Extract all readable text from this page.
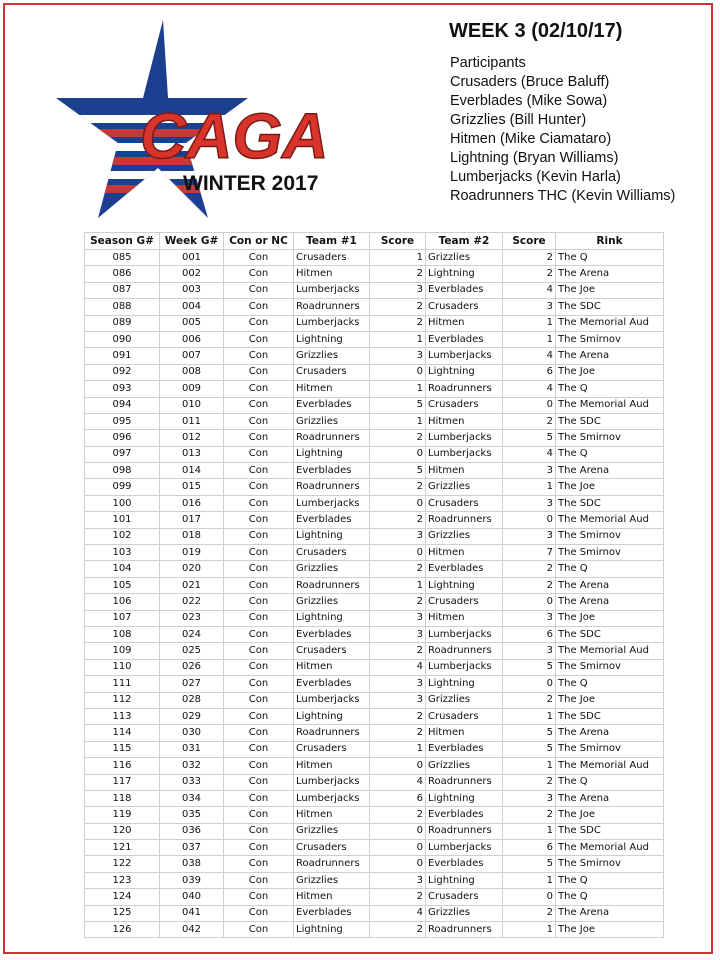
CAGA
WINTER 2017
WEEK 3 (02/10/17)
Participants
Crusaders (Bruce Baluff)
Everblades (Mike Sowa)
Grizzlies (Bill Hunter)
Hitmen (Mike Ciamataro)
Lightning (Bryan Williams)
Lumberjacks (Kevin Harla)
Roadrunners THC (Kevin Williams)
Season G#	Week G#	Con or NC	Team #1	Score	Team #2	Score	Rink
085	001	Con	Crusaders	1	Grizzlies	2	The Q
086	002	Con	Hitmen	2	Lightning	2	The Arena
087	003	Con	Lumberjacks	3	Everblades	4	The Joe
088	004	Con	Roadrunners	2	Crusaders	3	The SDC
089	005	Con	Lumberjacks	2	Hitmen	1	The Memorial Aud
090	006	Con	Lightning	1	Everblades	1	The Smirnov
091	007	Con	Grizzlies	3	Lumberjacks	4	The Arena
092	008	Con	Crusaders	0	Lightning	6	The Joe
093	009	Con	Hitmen	1	Roadrunners	4	The Q
094	010	Con	Everblades	5	Crusaders	0	The Memorial Aud
095	011	Con	Grizzlies	1	Hitmen	2	The SDC
096	012	Con	Roadrunners	2	Lumberjacks	5	The Smirnov
097	013	Con	Lightning	0	Lumberjacks	4	The Q
098	014	Con	Everblades	5	Hitmen	3	The Arena
099	015	Con	Roadrunners	2	Grizzlies	1	The Joe
100	016	Con	Lumberjacks	0	Crusaders	3	The SDC
101	017	Con	Everblades	2	Roadrunners	0	The Memorial Aud
102	018	Con	Lightning	3	Grizzlies	3	The Smirnov
103	019	Con	Crusaders	0	Hitmen	7	The Smirnov
104	020	Con	Grizzlies	2	Everblades	2	The Q
105	021	Con	Roadrunners	1	Lightning	2	The Arena
106	022	Con	Grizzlies	2	Crusaders	0	The Arena
107	023	Con	Lightning	3	Hitmen	3	The Joe
108	024	Con	Everblades	3	Lumberjacks	6	The SDC
109	025	Con	Crusaders	2	Roadrunners	3	The Memorial Aud
110	026	Con	Hitmen	4	Lumberjacks	5	The Smirnov
111	027	Con	Everblades	3	Lightning	0	The Q
112	028	Con	Lumberjacks	3	Grizzlies	2	The Joe
113	029	Con	Lightning	2	Crusaders	1	The SDC
114	030	Con	Roadrunners	2	Hitmen	5	The Arena
115	031	Con	Crusaders	1	Everblades	5	The Smirnov
116	032	Con	Hitmen	0	Grizzlies	1	The Memorial Aud
117	033	Con	Lumberjacks	4	Roadrunners	2	The Q
118	034	Con	Lumberjacks	6	Lightning	3	The Arena
119	035	Con	Hitmen	2	Everblades	2	The Joe
120	036	Con	Grizzlies	0	Roadrunners	1	The SDC
121	037	Con	Crusaders	0	Lumberjacks	6	The Memorial Aud
122	038	Con	Roadrunners	0	Everblades	5	The Smirnov
123	039	Con	Grizzlies	3	Lightning	1	The Q
124	040	Con	Hitmen	2	Crusaders	0	The Q
125	041	Con	Everblades	4	Grizzlies	2	The Arena
126	042	Con	Lightning	2	Roadrunners	1	The Joe
